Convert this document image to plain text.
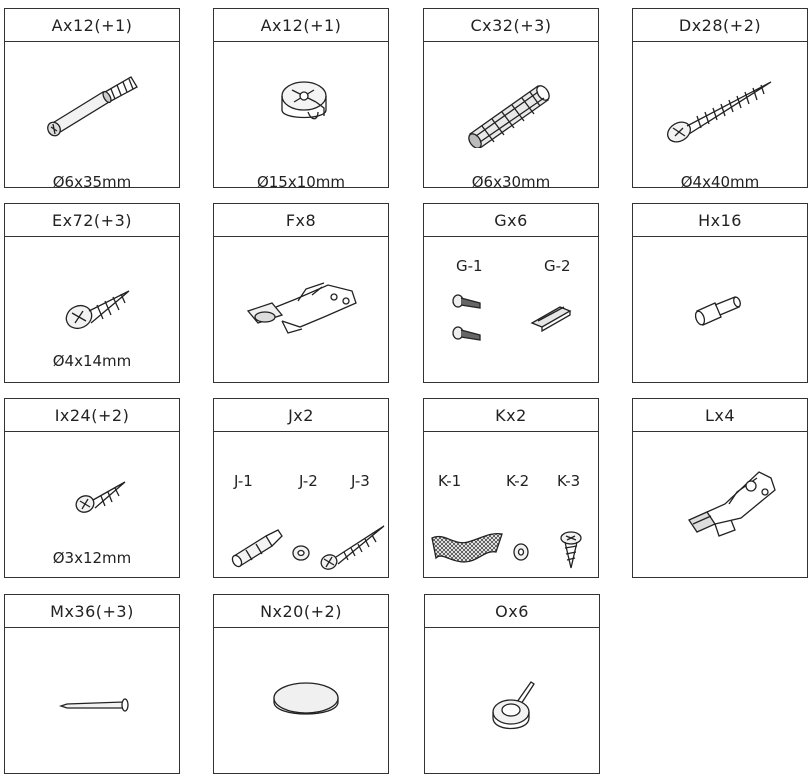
Ax12(+1)
Ø6x35mm
Ax12(+1)
Ø15x10mm
Cx32(+3)
Ø6x30mm
Dx28(+2)
Ø4x40mm
Ex72(+3)
Ø4x14mm
Fx8	Gx6
G-1	G-2
Hx16
Ix24(+2)
Ø3x12mm
Jx2
J-1	J-2 J-3
Kx2
K-1	K-2 K-3
Lx4
Mx36(+3)	Nx20(+2)	Ox6
